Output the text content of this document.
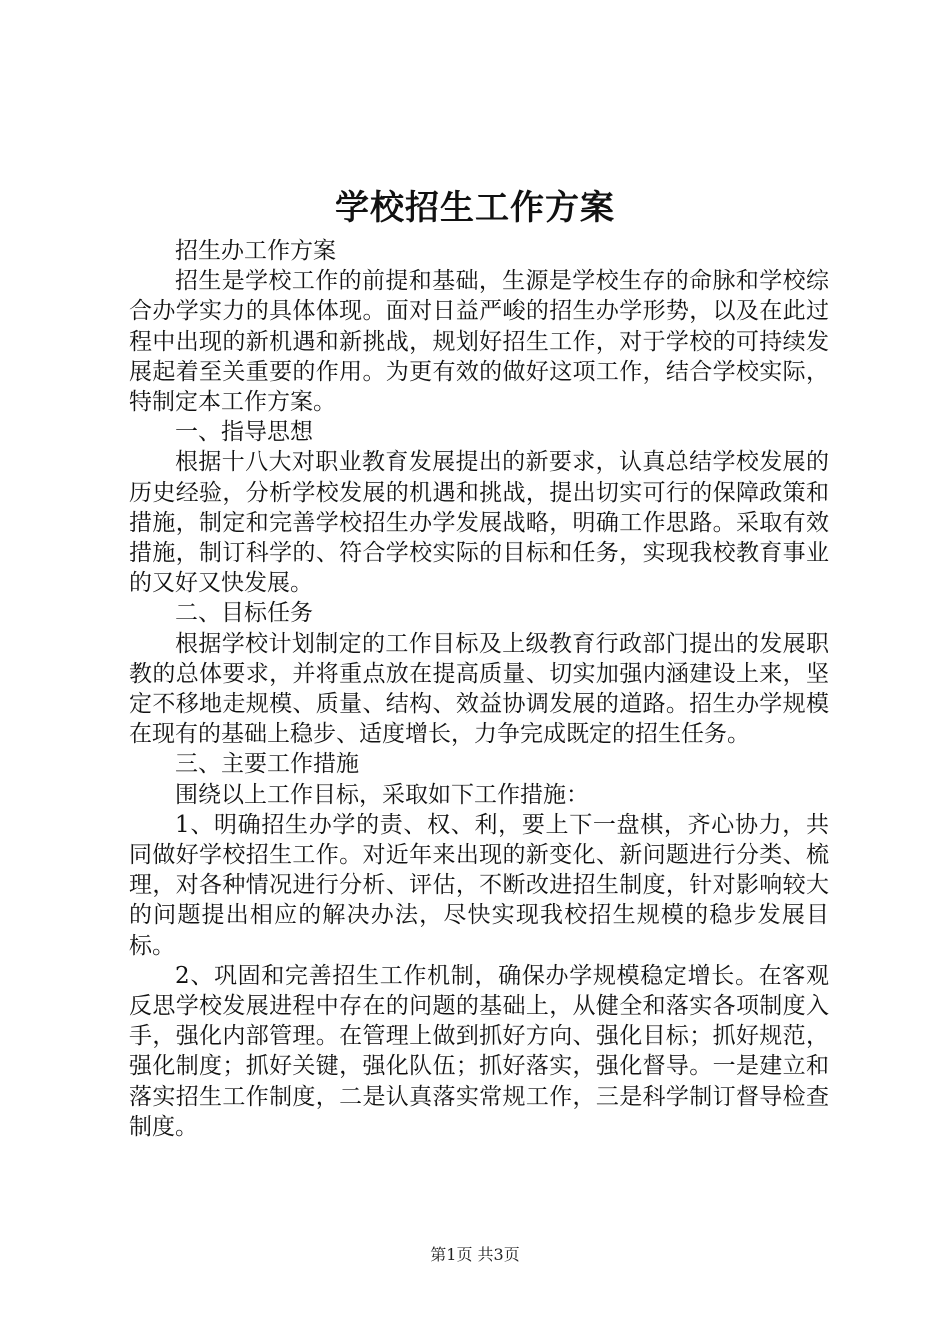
学校招生工作方案

招生办工作方案

招生是学校工作的前提和基础，生源是学校生存的命脉和学校综合办学实力的具体体现。面对日益严峻的招生办学形势，以及在此过程中出现的新机遇和新挑战，规划好招生工作，对于学校的可持续发展起着至关重要的作用。为更有效的做好这项工作，结合学校实际，特制定本工作方案。

一、指导思想

根据十八大对职业教育发展提出的新要求，认真总结学校发展的历史经验，分析学校发展的机遇和挑战，提出切实可行的保障政策和措施，制定和完善学校招生办学发展战略，明确工作思路。采取有效措施，制订科学的、符合学校实际的目标和任务，实现我校教育事业的又好又快发展。

二、目标任务

根据学校计划制定的工作目标及上级教育行政部门提出的发展职教的总体要求，并将重点放在提高质量、切实加强内涵建设上来，坚定不移地走规模、质量、结构、效益协调发展的道路。招生办学规模在现有的基础上稳步、适度增长，力争完成既定的招生任务。

三、主要工作措施

围绕以上工作目标，采取如下工作措施：

1、明确招生办学的责、权、利，要上下一盘棋，齐心协力，共同做好学校招生工作。对近年来出现的新变化、新问题进行分类、梳理，对各种情况进行分析、评估，不断改进招生制度，针对影响较大的问题提出相应的解决办法，尽快实现我校招生规模的稳步发展目标。

2、巩固和完善招生工作机制，确保办学规模稳定增长。在客观反思学校发展进程中存在的问题的基础上，从健全和落实各项制度入手，强化内部管理。在管理上做到抓好方向、强化目标；抓好规范，强化制度；抓好关键，强化队伍；抓好落实，强化督导。一是建立和落实招生工作制度，二是认真落实常规工作，三是科学制订督导检查制度。

第1页 共3页
